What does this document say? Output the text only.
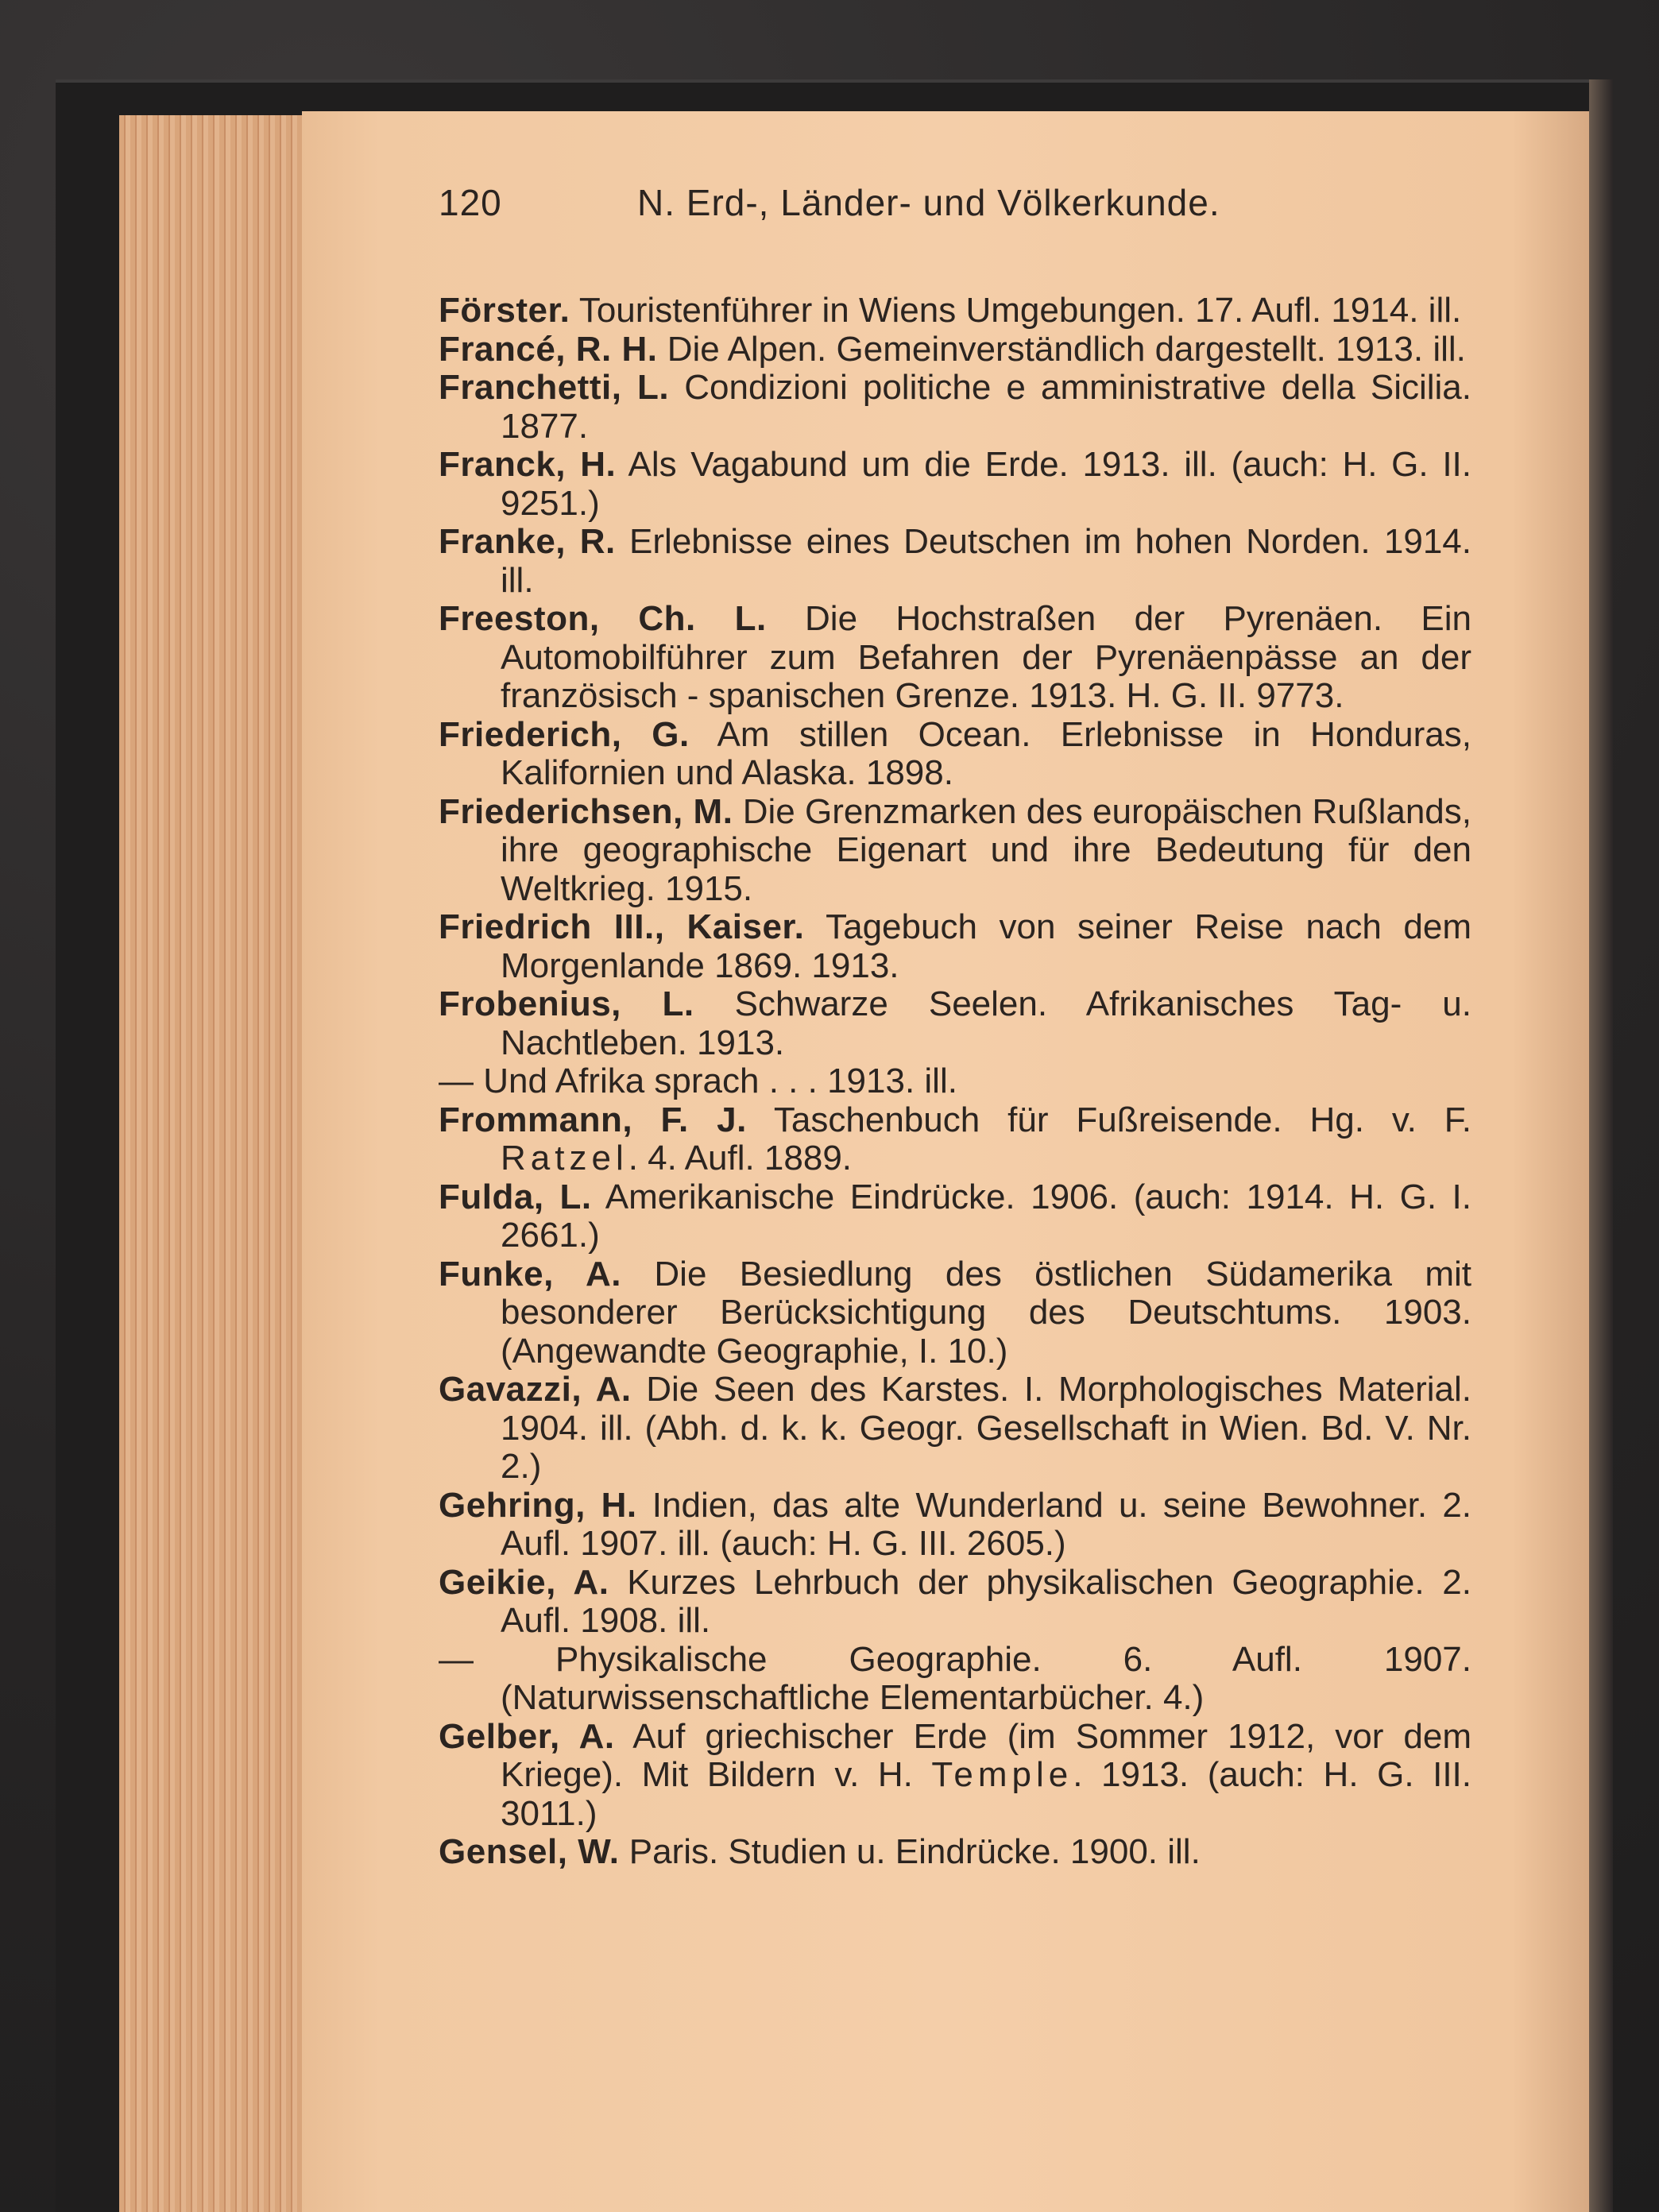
120	N. Erd-, Länder- und Völkerkunde.

Förster. Touristenführer in Wiens Umgebungen. 17. Aufl. 1914. ill.

Francé, R. H. Die Alpen. Gemeinverständlich dargestellt. 1913. ill.

Franchetti, L. Condizioni politiche e amministrative della Sicilia. 1877.

Franck, H. Als Vagabund um die Erde. 1913. ill. (auch: H. G. II. 9251.)

Franke, R. Erlebnisse eines Deutschen im hohen Norden. 1914. ill.

Freeston, Ch. L. Die Hochstraßen der Pyrenäen. Ein Automobilführer zum Befahren der Pyrenäenpässe an der französisch - spanischen Grenze. 1913. H. G. II. 9773.

Friederich, G. Am stillen Ocean. Erlebnisse in Honduras, Kalifornien und Alaska. 1898.

Friederichsen, M. Die Grenzmarken des europäischen Rußlands, ihre geographische Eigenart und ihre Bedeutung für den Weltkrieg. 1915.

Friedrich III., Kaiser. Tagebuch von seiner Reise nach dem Morgenlande 1869. 1913.

Frobenius, L. Schwarze Seelen. Afrikanisches Tag- u. Nachtleben. 1913.

— Und Afrika sprach . . . 1913. ill.

Frommann, F. J. Taschenbuch für Fußreisende. Hg. v. F. Ratzel. 4. Aufl. 1889.

Fulda, L. Amerikanische Eindrücke. 1906. (auch: 1914. H. G. I. 2661.)

Funke, A. Die Besiedlung des östlichen Südamerika mit besonderer Berücksichtigung des Deutschtums. 1903. (Angewandte Geographie, I. 10.)

Gavazzi, A. Die Seen des Karstes. I. Morphologisches Material. 1904. ill. (Abh. d. k. k. Geogr. Gesellschaft in Wien. Bd. V. Nr. 2.)

Gehring, H. Indien, das alte Wunderland u. seine Bewohner. 2. Aufl. 1907. ill. (auch: H. G. III. 2605.)

Geikie, A. Kurzes Lehrbuch der physikalischen Geographie. 2. Aufl. 1908. ill.

— Physikalische Geographie. 6. Aufl. 1907. (Naturwissenschaftliche Elementarbücher. 4.)

Gelber, A. Auf griechischer Erde (im Sommer 1912, vor dem Kriege). Mit Bildern v. H. Temple. 1913. (auch: H. G. III. 3011.)

Gensel, W. Paris. Studien u. Eindrücke. 1900. ill.
